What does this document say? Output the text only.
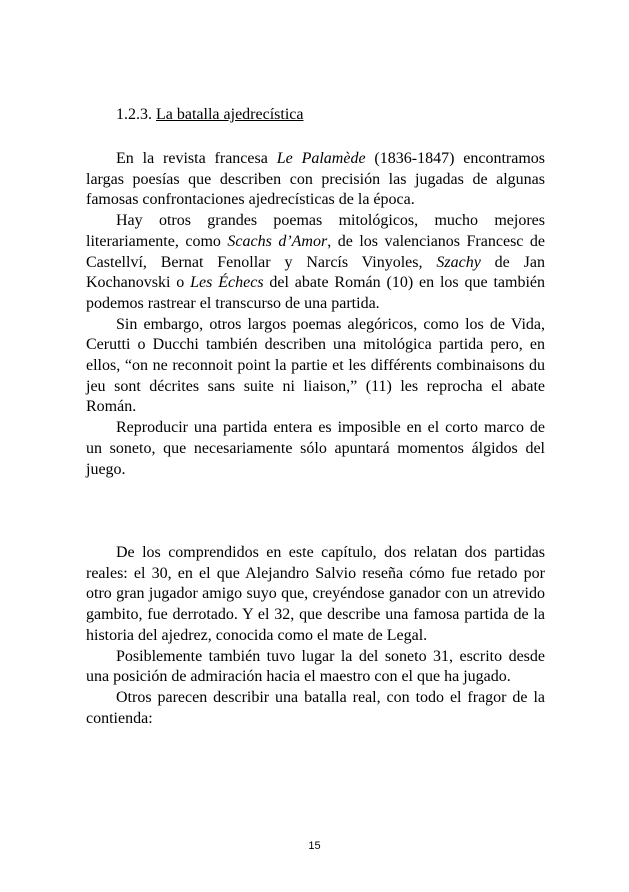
1.2.3. La batalla ajedrecística

En la revista francesa Le Palamède (1836-1847) encontramos largas poesías que describen con precisión las jugadas de algunas famosas confrontaciones ajedrecísticas de la época.

Hay otros grandes poemas mitológicos, mucho mejores literariamente, como Scachs d’Amor, de los valencianos Francesc de Castellví, Bernat Fenollar y Narcís Vinyoles, Szachy de Jan Kochanovski o Les Échecs del abate Román (10) en los que también podemos rastrear el transcurso de una partida.

Sin embargo, otros largos poemas alegóricos, como los de Vida, Cerutti o Ducchi también describen una mitológica partida pero, en ellos, “on ne reconnoit point la partie et les différents combinaisons du jeu sont décrites sans suite ni liaison,” (11) les reprocha el abate Román.

Reproducir una partida entera es imposible en el corto marco de un soneto, que necesariamente sólo apuntará momentos álgidos del juego.

De los comprendidos en este capítulo, dos relatan dos partidas reales: el 30, en el que Alejandro Salvio reseña cómo fue retado por otro gran jugador amigo suyo que, creyéndose ganador con un atrevido gambito, fue derrotado. Y el 32, que describe una famosa partida de la historia del ajedrez, conocida como el mate de Legal.

Posiblemente también tuvo lugar la del soneto 31, escrito desde una posición de admiración hacia el maestro con el que ha jugado.

Otros parecen describir una batalla real, con todo el fragor de la contienda:

15
